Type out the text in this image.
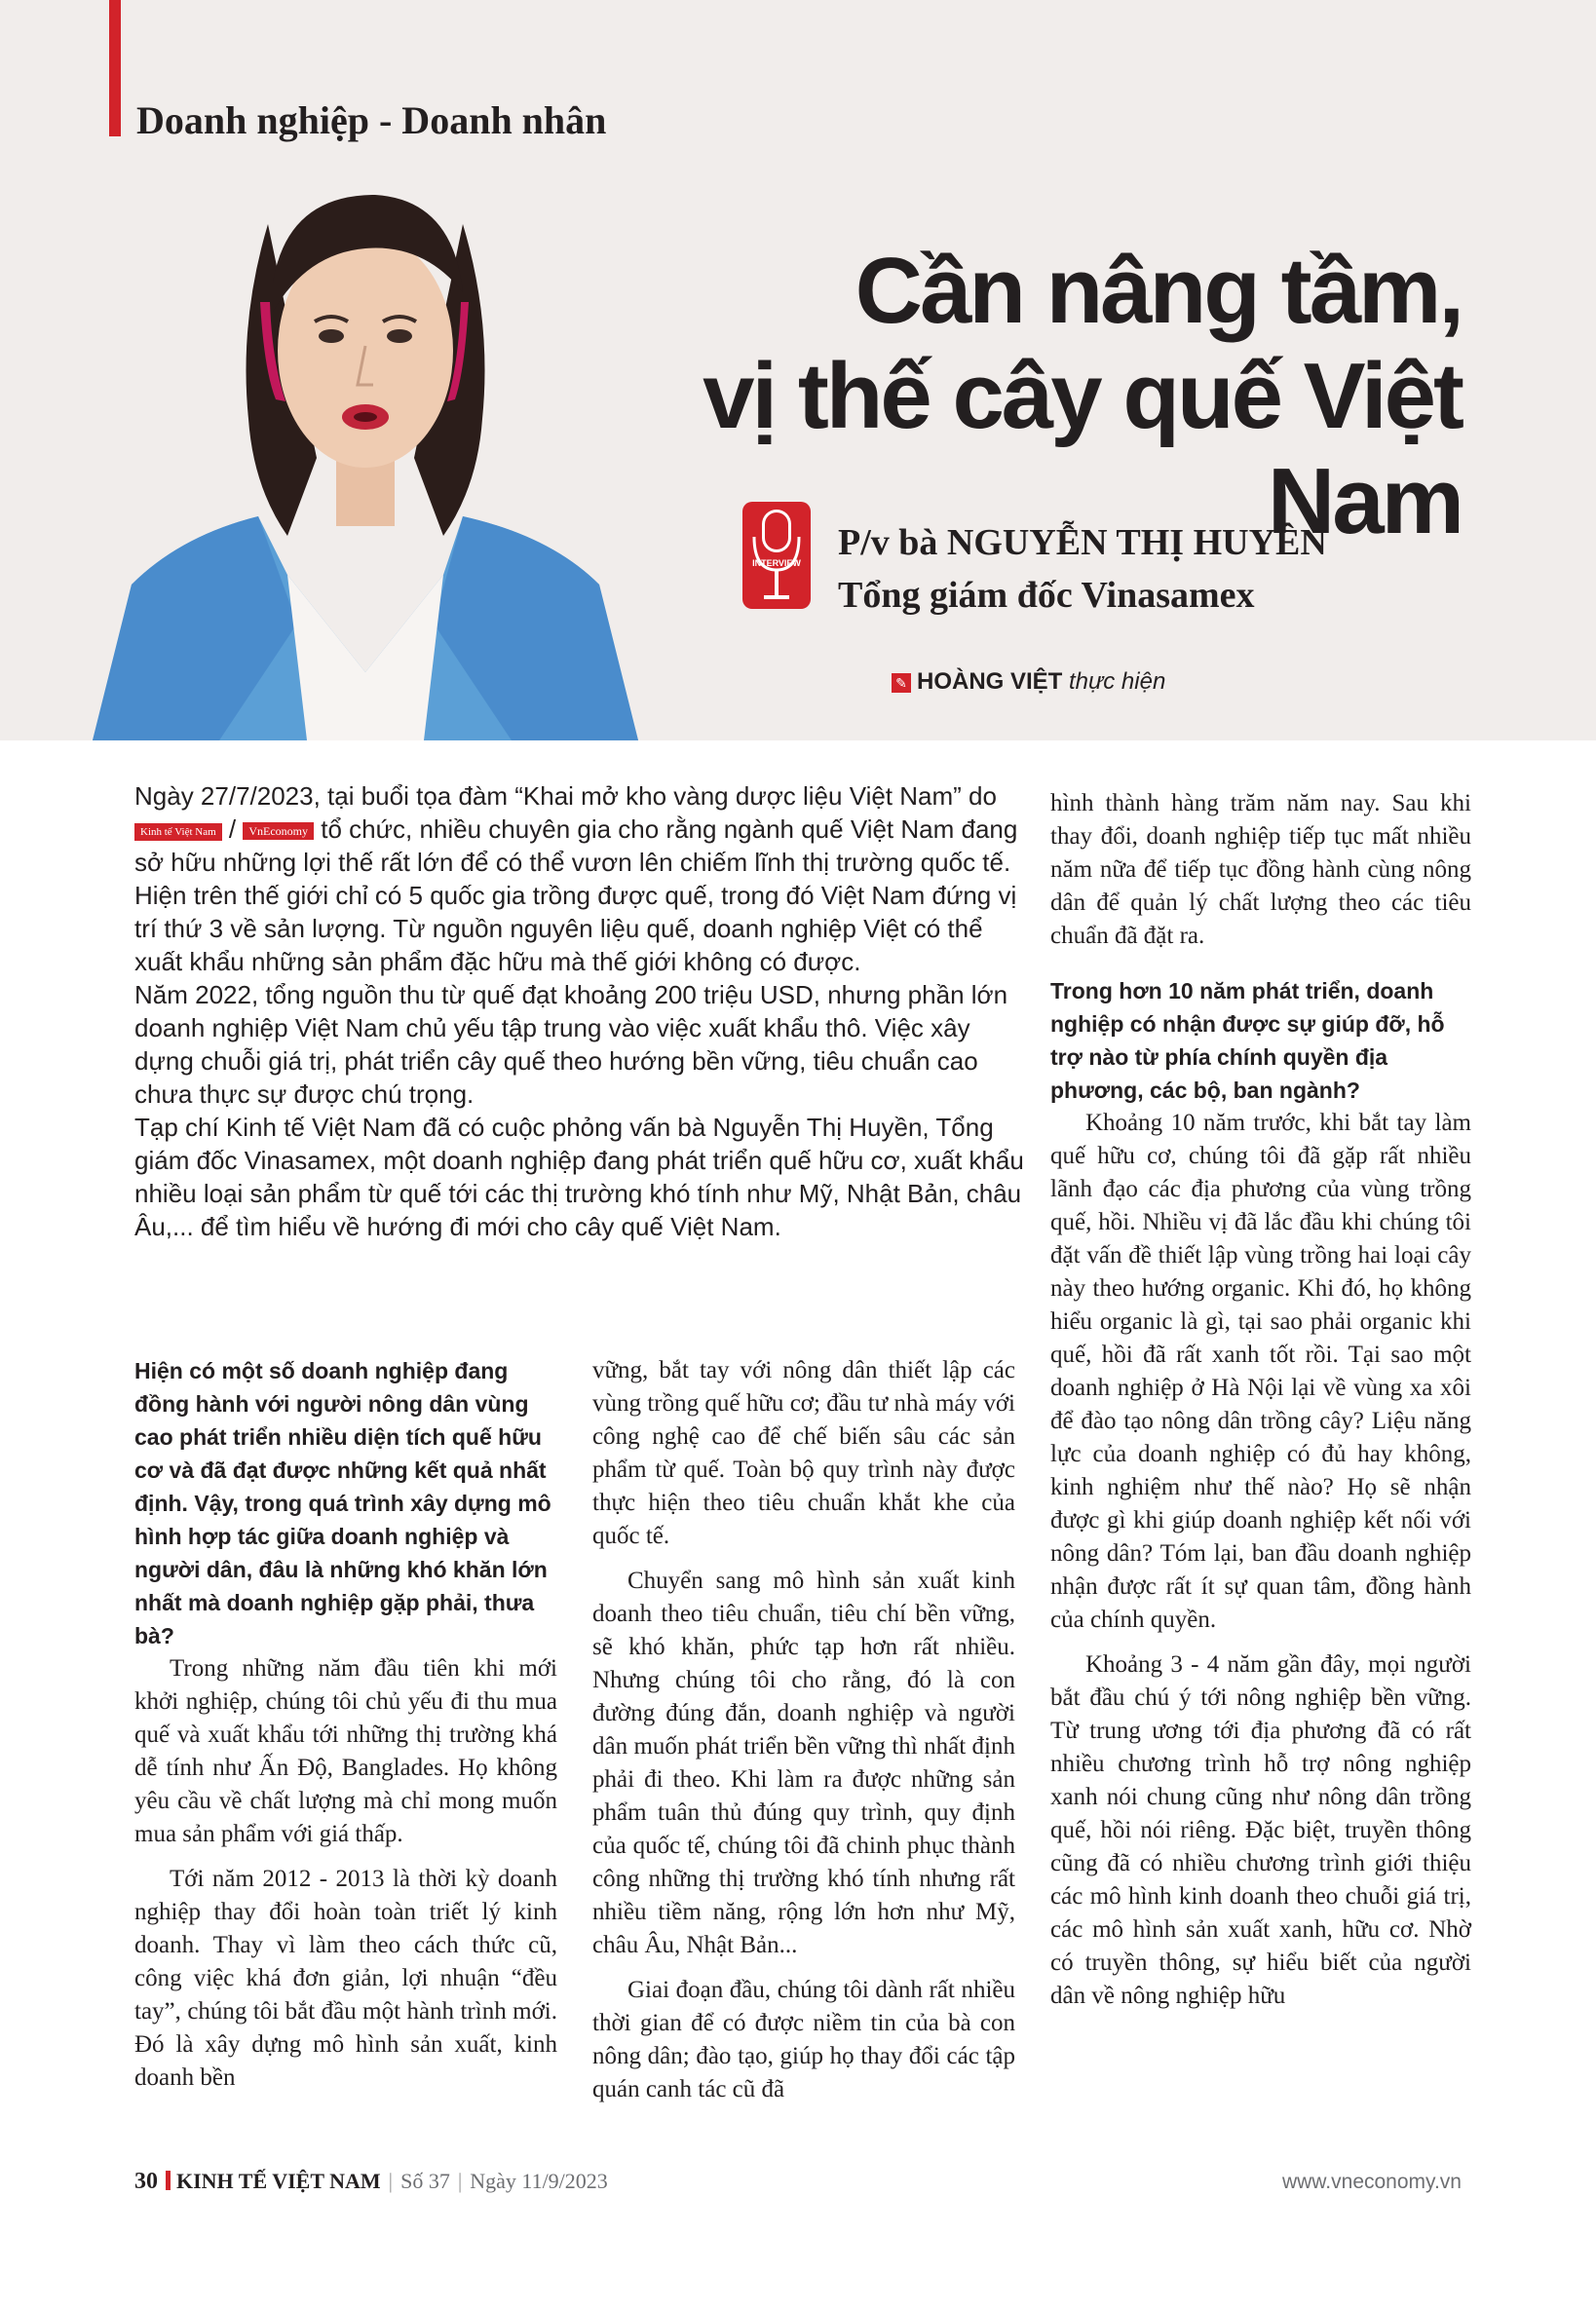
Doanh nghiệp - Doanh nhân
Cần nâng tầm,
vị thế cây quế Việt Nam
INTERVIEW P/v bà NGUYỄN THỊ HUYỀN
Tổng giám đốc Vinasamex
✎ HOÀNG VIỆT thực hiện

Ngày 27/7/2023, tại buổi tọa đàm “Khai mở kho vàng dược liệu Việt Nam” do Kinh tế Việt Nam / VnEconomy tổ chức, nhiều chuyên gia cho rằng ngành quế Việt Nam đang sở hữu những lợi thế rất lớn để có thể vươn lên chiếm lĩnh thị trường quốc tế. Hiện trên thế giới chỉ có 5 quốc gia trồng được quế, trong đó Việt Nam đứng vị trí thứ 3 về sản lượng. Từ nguồn nguyên liệu quế, doanh nghiệp Việt có thể xuất khẩu những sản phẩm đặc hữu mà thế giới không có được.

Năm 2022, tổng nguồn thu từ quế đạt khoảng 200 triệu USD, nhưng phần lớn doanh nghiệp Việt Nam chủ yếu tập trung vào việc xuất khẩu thô. Việc xây dựng chuỗi giá trị, phát triển cây quế theo hướng bền vững, tiêu chuẩn cao chưa thực sự được chú trọng.

Tạp chí Kinh tế Việt Nam đã có cuộc phỏng vấn bà Nguyễn Thị Huyền, Tổng giám đốc Vinasamex, một doanh nghiệp đang phát triển quế hữu cơ, xuất khẩu nhiều loại sản phẩm từ quế tới các thị trường khó tính như Mỹ, Nhật Bản, châu Âu,... để tìm hiểu về hướng đi mới cho cây quế Việt Nam.

Hiện có một số doanh nghiệp đang đồng hành với người nông dân vùng cao phát triển nhiều diện tích quế hữu cơ và đã đạt được những kết quả nhất định. Vậy, trong quá trình xây dựng mô hình hợp tác giữa doanh nghiệp và người dân, đâu là những khó khăn lớn nhất mà doanh nghiệp gặp phải, thưa bà?

Trong những năm đầu tiên khi mới khởi nghiệp, chúng tôi chủ yếu đi thu mua quế và xuất khẩu tới những thị trường khá dễ tính như Ấn Độ, Banglades. Họ không yêu cầu về chất lượng mà chỉ mong muốn mua sản phẩm với giá thấp.

Tới năm 2012 - 2013 là thời kỳ doanh nghiệp thay đổi hoàn toàn triết lý kinh doanh. Thay vì làm theo cách thức cũ, công việc khá đơn giản, lợi nhuận “đều tay”, chúng tôi bắt đầu một hành trình mới. Đó là xây dựng mô hình sản xuất, kinh doanh bền

vững, bắt tay với nông dân thiết lập các vùng trồng quế hữu cơ; đầu tư nhà máy với công nghệ cao để chế biến sâu các sản phẩm từ quế. Toàn bộ quy trình này được thực hiện theo tiêu chuẩn khắt khe của quốc tế.

Chuyển sang mô hình sản xuất kinh doanh theo tiêu chuẩn, tiêu chí bền vững, sẽ khó khăn, phức tạp hơn rất nhiều. Nhưng chúng tôi cho rằng, đó là con đường đúng đắn, doanh nghiệp và người dân muốn phát triển bền vững thì nhất định phải đi theo. Khi làm ra được những sản phẩm tuân thủ đúng quy trình, quy định của quốc tế, chúng tôi đã chinh phục thành công những thị trường khó tính nhưng rất nhiều tiềm năng, rộng lớn hơn như Mỹ, châu Âu, Nhật Bản...

Giai đoạn đầu, chúng tôi dành rất nhiều thời gian để có được niềm tin của bà con nông dân; đào tạo, giúp họ thay đổi các tập quán canh tác cũ đã

hình thành hàng trăm năm nay. Sau khi thay đổi, doanh nghiệp tiếp tục mất nhiều năm nữa để tiếp tục đồng hành cùng nông dân để quản lý chất lượng theo các tiêu chuẩn đã đặt ra.

Trong hơn 10 năm phát triển, doanh nghiệp có nhận được sự giúp đỡ, hỗ trợ nào từ phía chính quyền địa phương, các bộ, ban ngành?

Khoảng 10 năm trước, khi bắt tay làm quế hữu cơ, chúng tôi đã gặp rất nhiều lãnh đạo các địa phương của vùng trồng quế, hồi. Nhiều vị đã lắc đầu khi chúng tôi đặt vấn đề thiết lập vùng trồng hai loại cây này theo hướng organic. Khi đó, họ không hiểu organic là gì, tại sao phải organic khi quế, hồi đã rất xanh tốt rồi. Tại sao một doanh nghiệp ở Hà Nội lại về vùng xa xôi để đào tạo nông dân trồng cây? Liệu năng lực của doanh nghiệp có đủ hay không, kinh nghiệm như thế nào? Họ sẽ nhận được gì khi giúp doanh nghiệp kết nối với nông dân? Tóm lại, ban đầu doanh nghiệp nhận được rất ít sự quan tâm, đồng hành của chính quyền.

Khoảng 3 - 4 năm gần đây, mọi người bắt đầu chú ý tới nông nghiệp bền vững. Từ trung ương tới địa phương đã có rất nhiều chương trình hỗ trợ nông nghiệp xanh nói chung cũng như nông dân trồng quế, hồi nói riêng. Đặc biệt, truyền thông cũng đã có nhiều chương trình giới thiệu các mô hình kinh doanh theo chuỗi giá trị, các mô hình sản xuất xanh, hữu cơ. Nhờ có truyền thông, sự hiểu biết của người dân về nông nghiệp hữu

30 KINH TẾ VIỆT NAM | Số 37 | Ngày 11/9/2023	www.vneconomy.vn
